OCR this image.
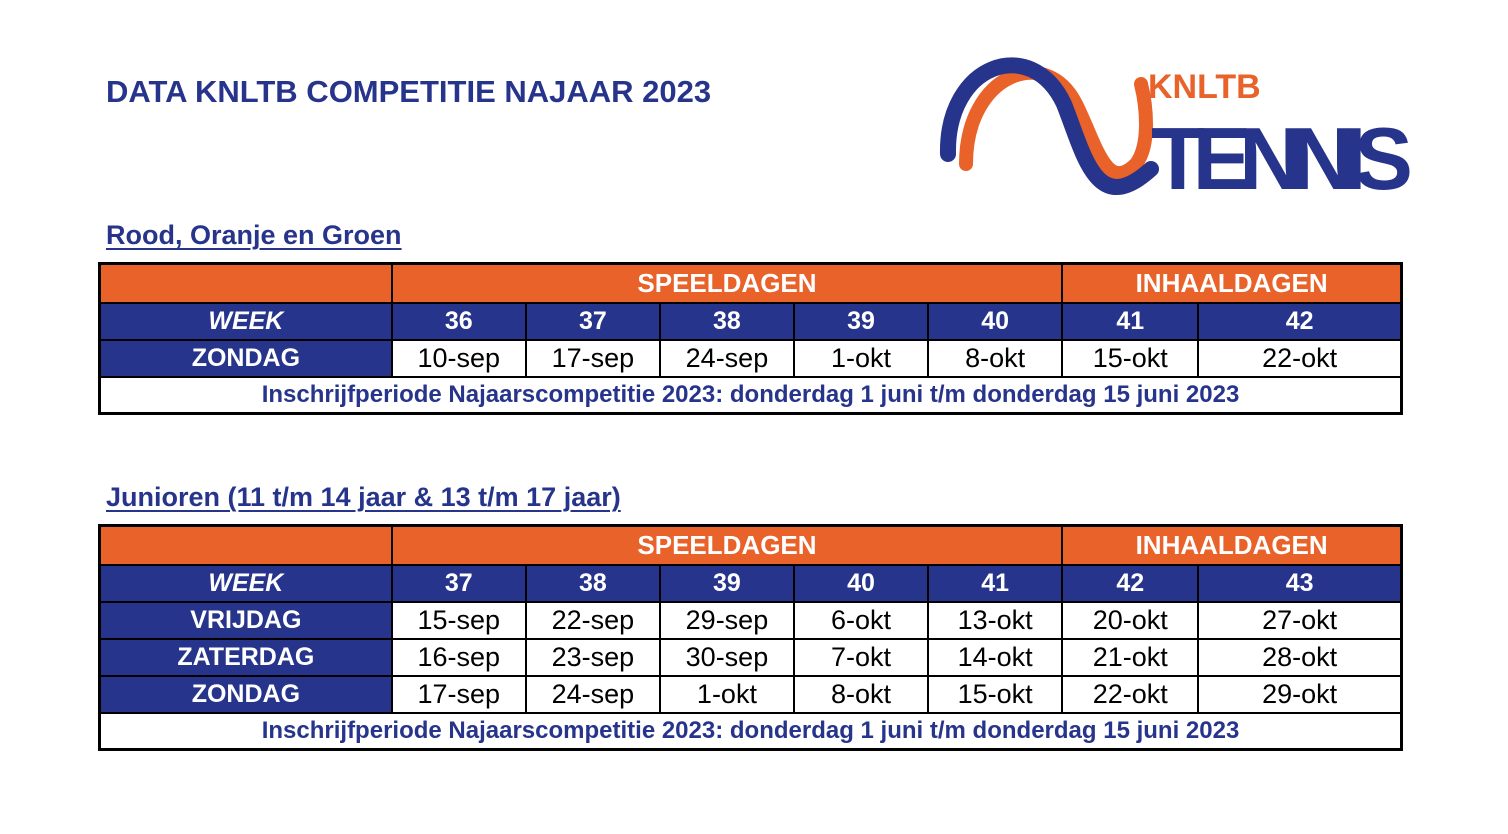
DATA KNLTB COMPETITIE NAJAAR 2023	KNLTB
TENNIS
Rood, Oranje en Groen
	SPEELDAGEN					INHAALDAGEN	
WEEK	36	37	38	39	40	41	42
ZONDAG	10-sep	17-sep	24-sep	1-okt	8-okt	15-okt	22-okt
Inschrijfperiode Najaarscompetitie 2023: donderdag 1 juni t/m donderdag 15 juni 2023							
Junioren (11 t/m 14 jaar & 13 t/m 17 jaar)
	SPEELDAGEN					INHAALDAGEN	
WEEK	37	38	39	40	41	42	43
VRIJDAG	15-sep	22-sep	29-sep	6-okt	13-okt	20-okt	27-okt
ZATERDAG	16-sep	23-sep	30-sep	7-okt	14-okt	21-okt	28-okt
ZONDAG	17-sep	24-sep	1-okt	8-okt	15-okt	22-okt	29-okt
Inschrijfperiode Najaarscompetitie 2023: donderdag 1 juni t/m donderdag 15 juni 2023							
